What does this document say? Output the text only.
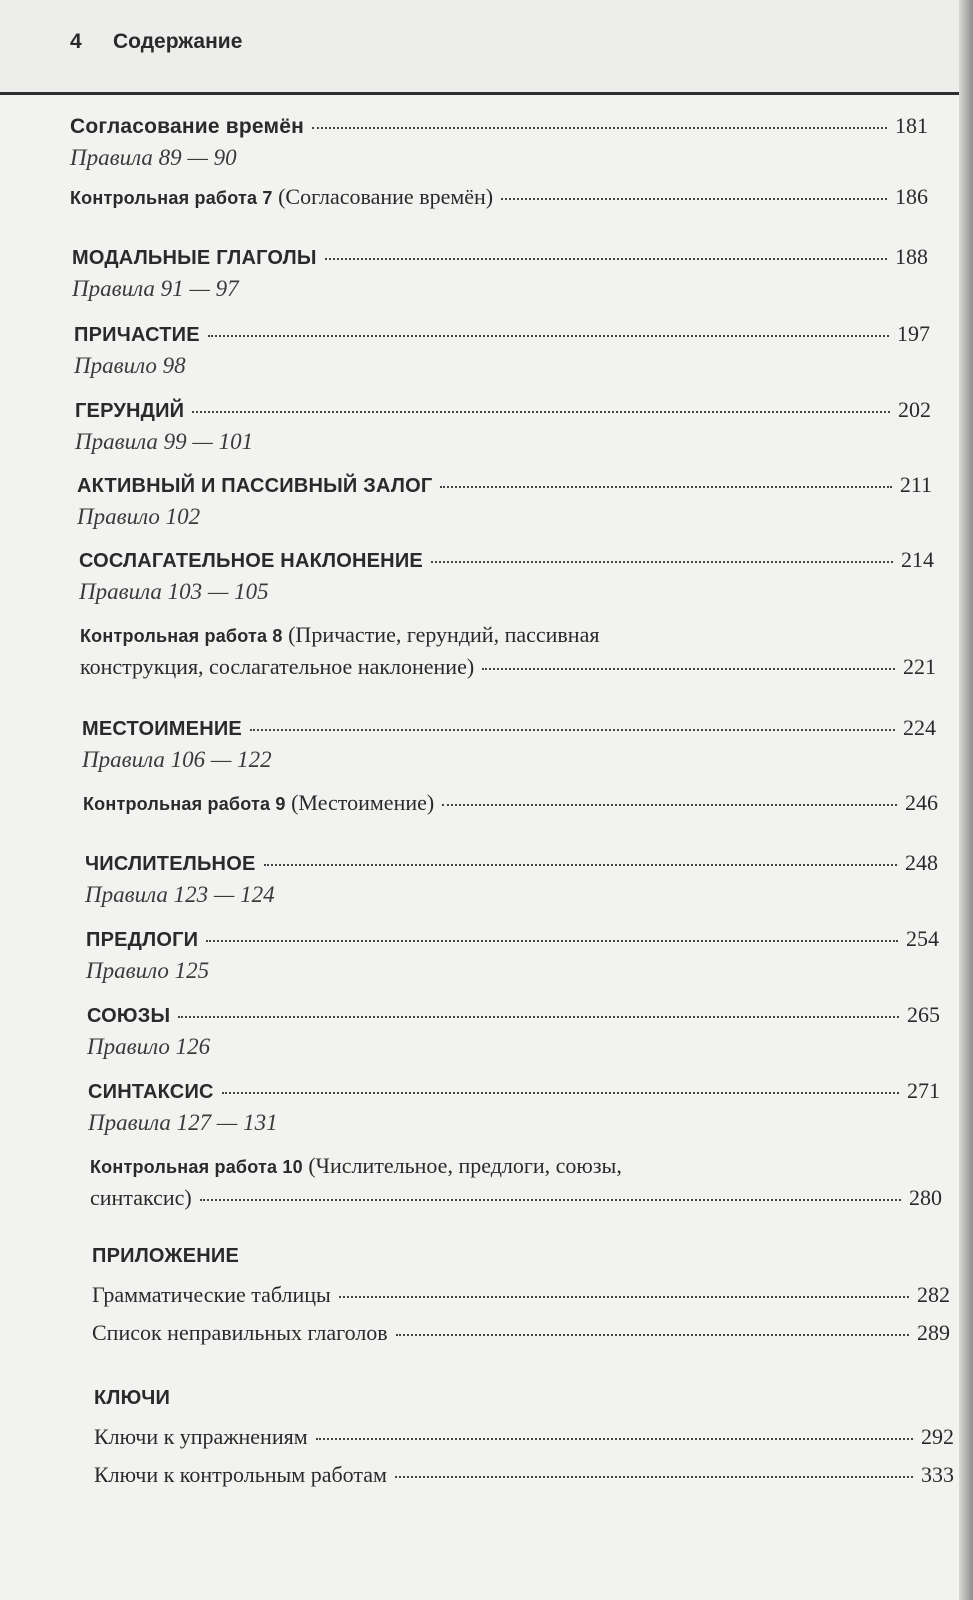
4 Содержание
Согласование времён	181
Правила 89 — 90
Контрольная работа 7 (Согласование времён)	186
МОДАЛЬНЫЕ ГЛАГОЛЫ	188
Правила 91 — 97
ПРИЧАСТИЕ	197
Правило 98
ГЕРУНДИЙ	202
Правила 99 — 101
АКТИВНЫЙ И ПАССИВНЫЙ ЗАЛОГ	211
Правило 102
СОСЛАГАТЕЛЬНОЕ НАКЛОНЕНИЕ	214
Правила 103 — 105
Контрольная работа 8 (Причастие, герундий, пассивная
конструкция, сослагательное наклонение)	221
МЕСТОИМЕНИЕ	224
Правила 106 — 122
Контрольная работа 9 (Местоимение)	246
ЧИСЛИТЕЛЬНОЕ	248
Правила 123 — 124
ПРЕДЛОГИ	254
Правило 125
СОЮЗЫ	265
Правило 126
СИНТАКСИС	271
Правила 127 — 131
Контрольная работа 10 (Числительное, предлоги, союзы,
синтаксис)	280
ПРИЛОЖЕНИЕ
Грамматические таблицы	282
Список неправильных глаголов	289
КЛЮЧИ
Ключи к упражнениям	292
Ключи к контрольным работам	333
